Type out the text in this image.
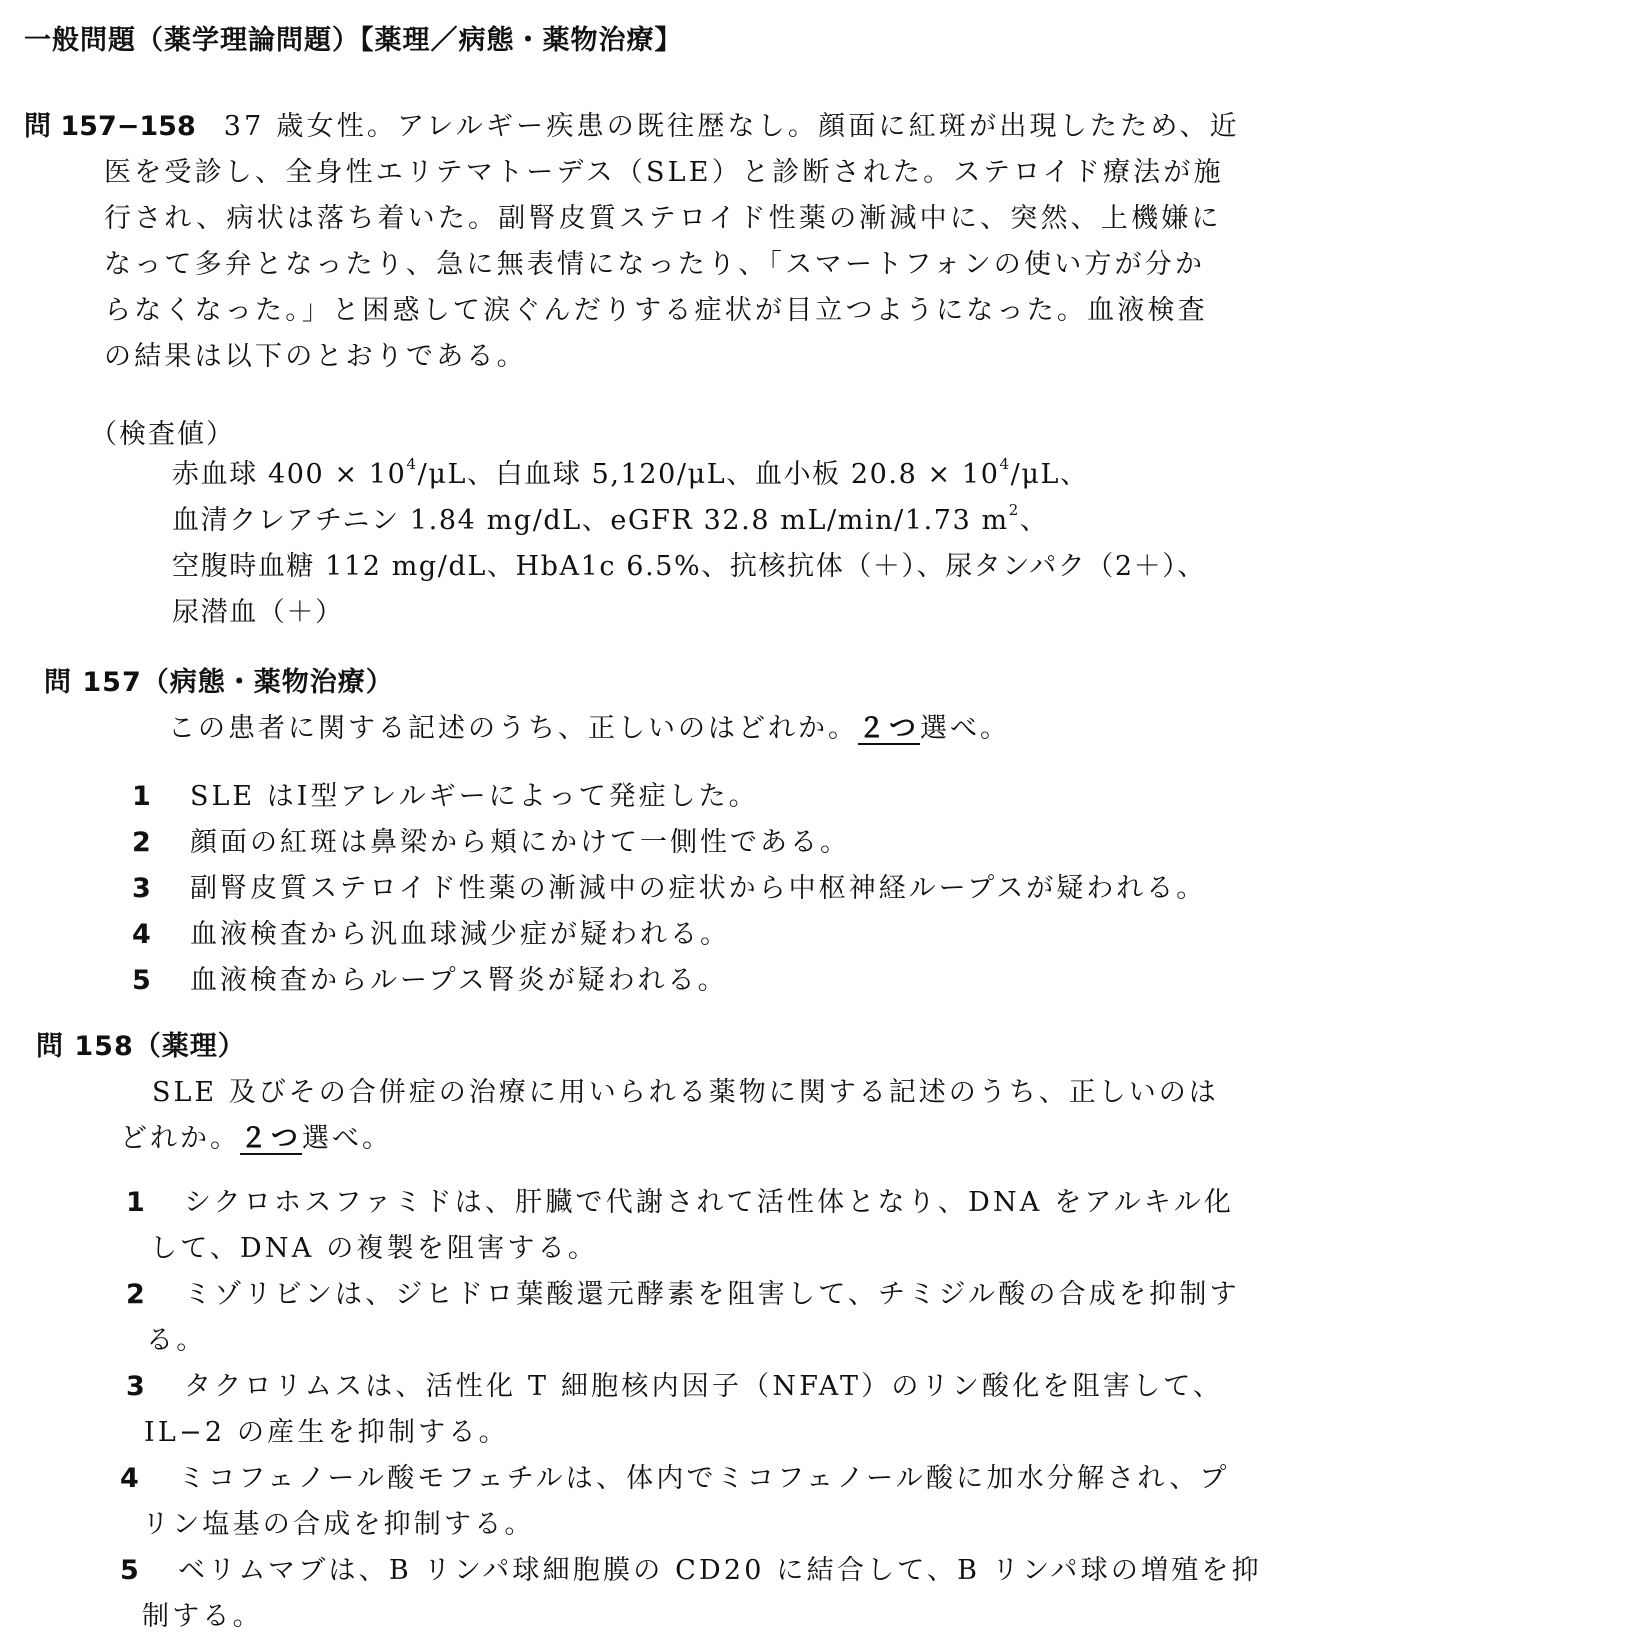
一般問題（薬学理論問題）【薬理／病態・薬物治療】
問 157−158 37 歳女性。アレルギー疾患の既往歴なし。顔面に紅斑が出現したため、近
医を受診し、全身性エリテマトーデス（SLE）と診断された。ステロイド療法が施
行され、病状は落ち着いた。副腎皮質ステロイド性薬の漸減中に、突然、上機嫌に
なって多弁となったり、急に無表情になったり、「スマートフォンの使い方が分か
らなくなった。」と困惑して涙ぐんだりする症状が目立つようになった。血液検査
の結果は以下のとおりである。
（検査値）
赤血球 $400 \times 10^4/\mu L$、白血球 5,120/μL、血小板 $20.8 \times 10^4/\mu L$、
血清クレアチニン 1.84 mg/dL、eGFR 32.8 mL/min/1.73 $m^2$、
空腹時血糖 112 mg/dL、HbA1c 6.5%、抗核抗体（＋）、尿タンパク（2＋）、
尿潜血（＋）
問 157（病態・薬物治療）
この患者に関する記述のうち、正しいのはどれか。２つ選べ。
1 SLE はⅠ型アレルギーによって発症した。
2 顔面の紅斑は鼻梁から頬にかけて一側性である。
3 副腎皮質ステロイド性薬の漸減中の症状から中枢神経ループスが疑われる。
4 血液検査から汎血球減少症が疑われる。
5 血液検査からループス腎炎が疑われる。
問 158（薬理）
SLE 及びその合併症の治療に用いられる薬物に関する記述のうち、正しいのは
どれか。２つ選べ。
1 シクロホスファミドは、肝臓で代謝されて活性体となり、DNA をアルキル化
して、DNA の複製を阻害する。
2 ミゾリビンは、ジヒドロ葉酸還元酵素を阻害して、チミジル酸の合成を抑制す
る。
3 タクロリムスは、活性化 T 細胞核内因子（NFAT）のリン酸化を阻害して、
IL−2 の産生を抑制する。
4 ミコフェノール酸モフェチルは、体内でミコフェノール酸に加水分解され、プ
リン塩基の合成を抑制する。
5 ベリムマブは、B リンパ球細胞膜の CD20 に結合して、B リンパ球の増殖を抑
制する。
